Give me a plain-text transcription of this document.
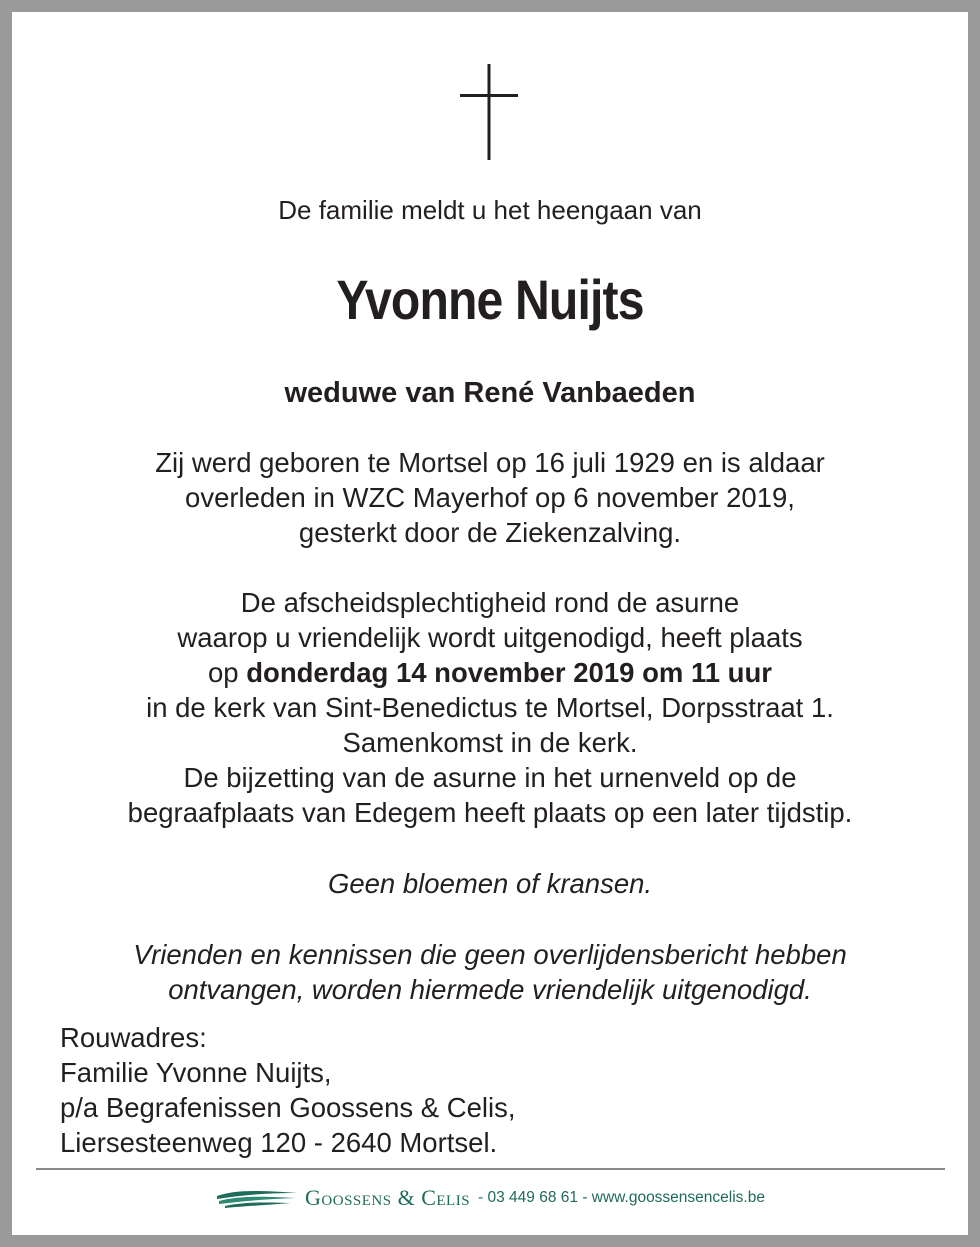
De familie meldt u het heengaan van
Yvonne Nuijts
weduwe van René Vanbaeden
Zij werd geboren te Mortsel op 16 juli 1929 en is aldaar
overleden in WZC Mayerhof op 6 november 2019,
gesterkt door de Ziekenzalving.
De afscheidsplechtigheid rond de asurne
waarop u vriendelijk wordt uitgenodigd, heeft plaats
op donderdag 14 november 2019 om 11 uur
in de kerk van Sint-Benedictus te Mortsel, Dorpsstraat 1.
Samenkomst in de kerk.
De bijzetting van de asurne in het urnenveld op de
begraafplaats van Edegem heeft plaats op een later tijdstip.
Geen bloemen of kransen.
Vrienden en kennissen die geen overlijdensbericht hebben
ontvangen, worden hiermede vriendelijk uitgenodigd.
Rouwadres:
Familie Yvonne Nuijts,
p/a Begrafenissen Goossens & Celis,
Liersesteenweg 120 - 2640 Mortsel.
Goossens & Celis - 03 449 68 61 - www.goossensencelis.be
